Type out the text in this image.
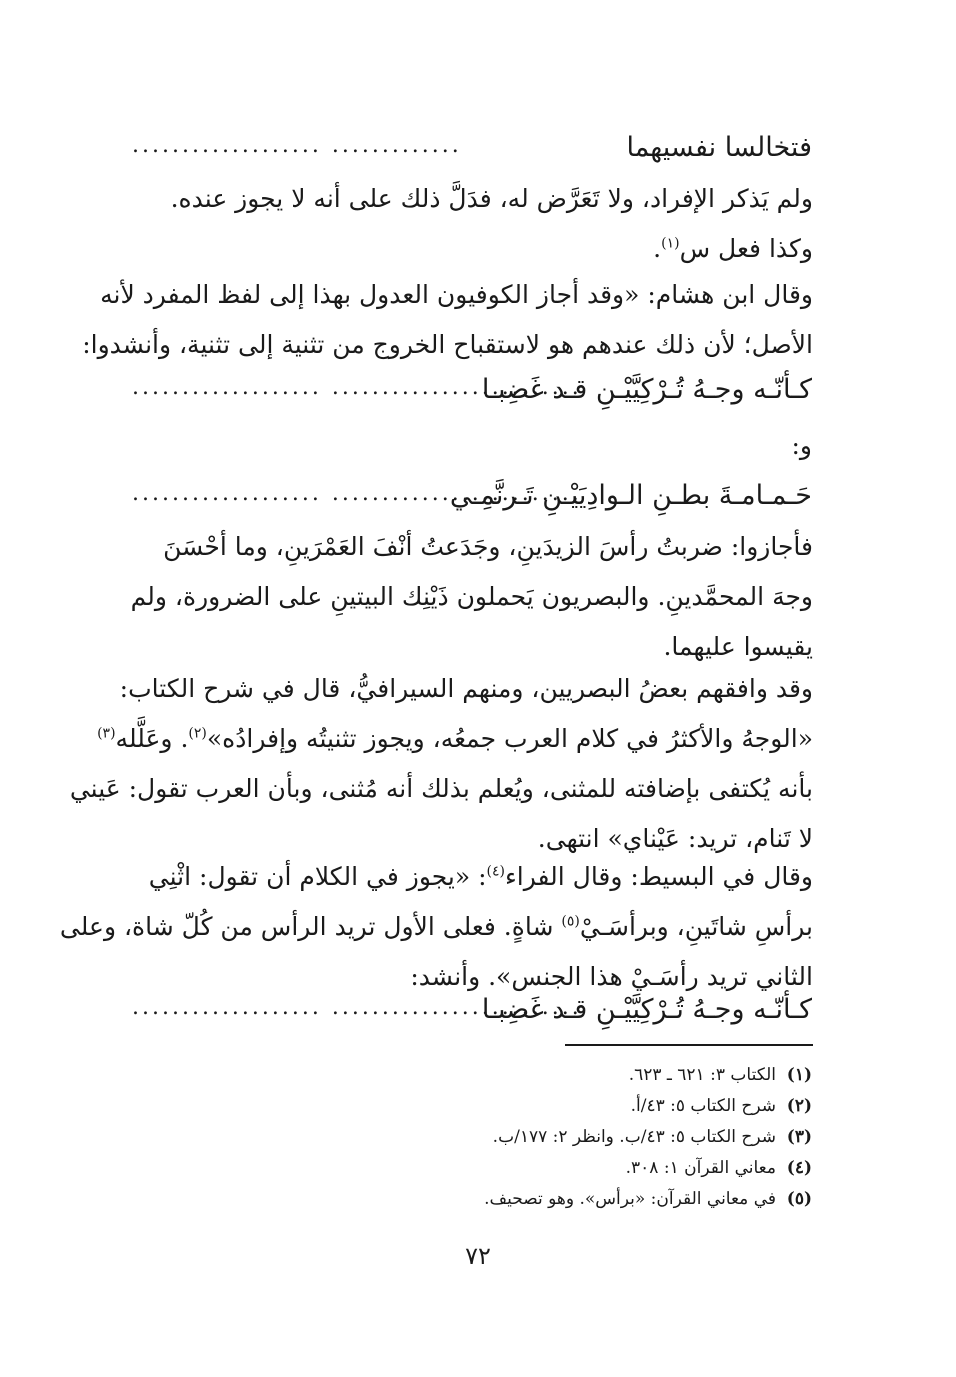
فتخالسا نفسيهما
............. ...................
ولم يَذكر الإفراد، ولا تَعَرَّض له، فدَلَّ ذلك على أنه لا يجوز عنده.
وكذا فعل س$^{(١)}$.
وقال ابن هشام: «وقد أجاز الكوفيون العدول بهذا إلى لفظ المفرد لأنه
الأصل؛ لأن ذلك عندهم هو لاستقباح الخروج من تثنية إلى تثنية، وأنشدوا:
كـأنّـه وجـهُ تُـرْكِيَّيْـنِ قـد غَضِبـا
......................... ...................
و:
حَـمـامـةَ بطـنِ الـوادِيَيْـنِ تَـرنَّمِـي
......................... ...................
فأجازوا: ضربتُ رأسَ الزيدَينِ، وجَدَعتُ أنْفَ العَمْرَينِ، وما أحْسَنَ
وجهَ المحمَّدينِ. والبصريون يَحملون ذَيْنِك البيتينِ على الضرورة، ولم
يقيسوا عليهما.
وقد وافقهم بعضُ البصريين، ومنهم السيرافيُّ، قال في شرح الكتاب:
«الوجهُ والأكثرُ في كلام العرب جمعُه، ويجوز تثنيتُه وإفرادُه»$^{(٢)}$. وعَلَّله$^{(٣)}$
بأنه يُكتفى بإضافته للمثنى، ويُعلم بذلك أنه مُثنى، وبأن العرب تقول: عَيني
لا تَنام، تريد: عَيْناي» انتهى.
وقال في البسيط: وقال الفراء$^{(٤)}$: «يجوز في الكلام أن تقول: اثْنِي
برأسِ شاتَينِ، وبرأسَـيْ$^{(٥)}$ شاةٍ. فعلى الأول تريد الرأس من كُلّ شاة، وعلى
الثاني تريد رأسَـيْ هذا الجنس». وأنشد:
كـأنّـه وجـهُ تُـرْكِيَّيْـنِ قـد غَضِبـا
......................... ...................
(١)الكتاب ٣: ٦٢١ ـ ٦٢٣.
(٢)شرح الكتاب ٥: ٤٣/أ.
(٣)شرح الكتاب ٥: ٤٣/ب. وانظر ٢: ١٧٧/ب.
(٤)معاني القرآن ١: ٣٠٨.
(٥)في معاني القرآن: «برأس». وهو تصحيف.
٧٢
